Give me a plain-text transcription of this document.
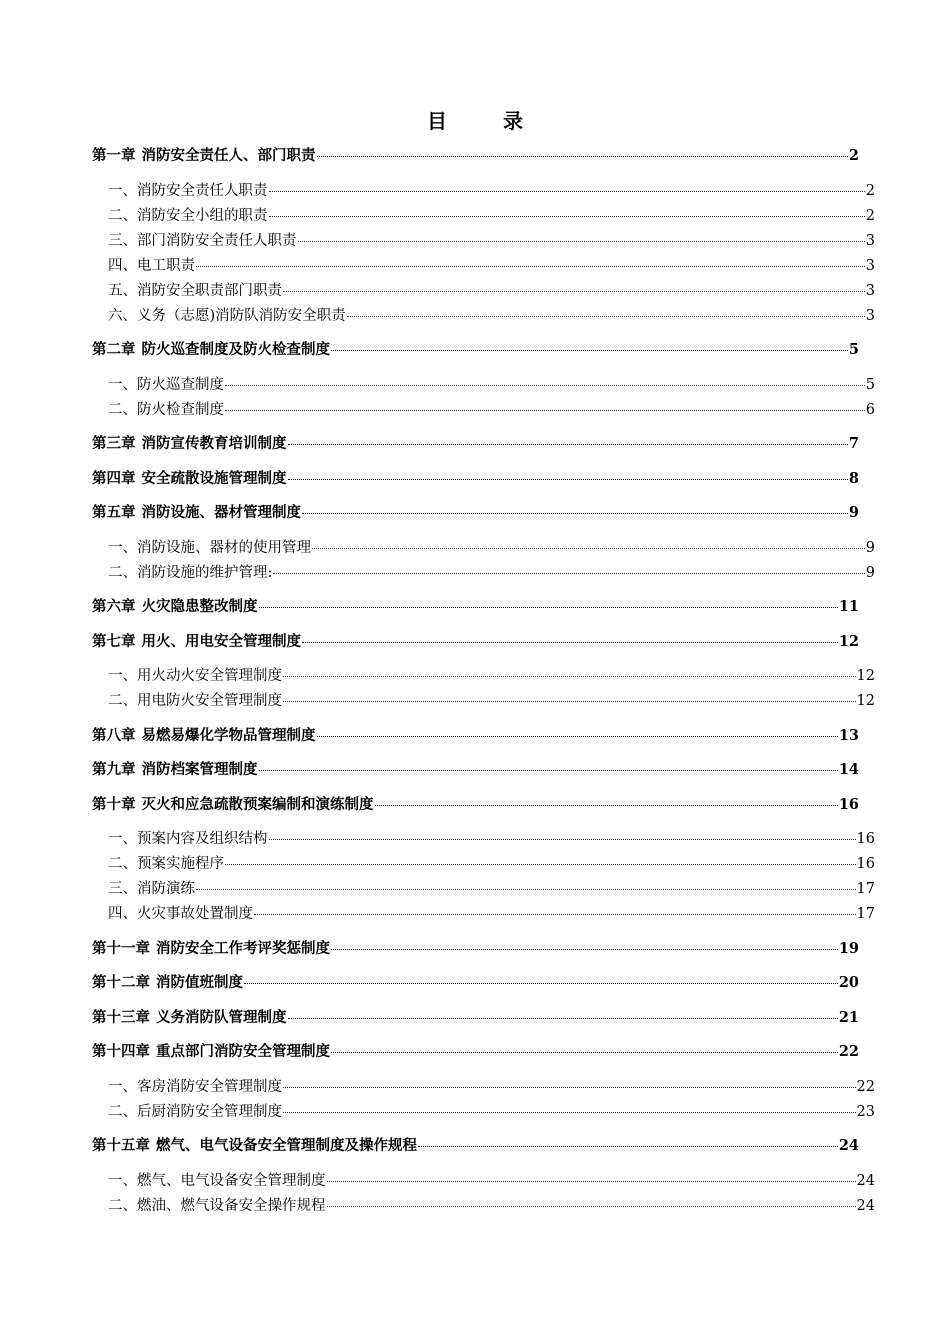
目　录
第一章 消防安全责任人、部门职责	2
一、消防安全责任人职责	2
二、消防安全小组的职责	2
三、部门消防安全责任人职责	3
四、电工职责	3
五、消防安全职责部门职责	3
六、义务（志愿)消防队消防安全职责	3
第二章 防火巡查制度及防火检查制度	5
一、防火巡查制度	5
二、防火检查制度	6
第三章 消防宣传教育培训制度	7
第四章 安全疏散设施管理制度	8
第五章 消防设施、器材管理制度	9
一、消防设施、器材的使用管理	9
二、消防设施的维护管理:	9
第六章 火灾隐患整改制度	11
第七章 用火、用电安全管理制度	12
一、用火动火安全管理制度	12
二、用电防火安全管理制度	12
第八章 易燃易爆化学物品管理制度	13
第九章 消防档案管理制度	14
第十章 灭火和应急疏散预案编制和演练制度	16
一、预案内容及组织结构	16
二、预案实施程序	16
三、消防演练	17
四、火灾事故处置制度	17
第十一章 消防安全工作考评奖惩制度	19
第十二章 消防值班制度	20
第十三章 义务消防队管理制度	21
第十四章 重点部门消防安全管理制度	22
一、客房消防安全管理制度	22
二、后厨消防安全管理制度	23
第十五章 燃气、电气设备安全管理制度及操作规程	24
一、燃气、电气设备安全管理制度	24
二、燃油、燃气设备安全操作规程	24
